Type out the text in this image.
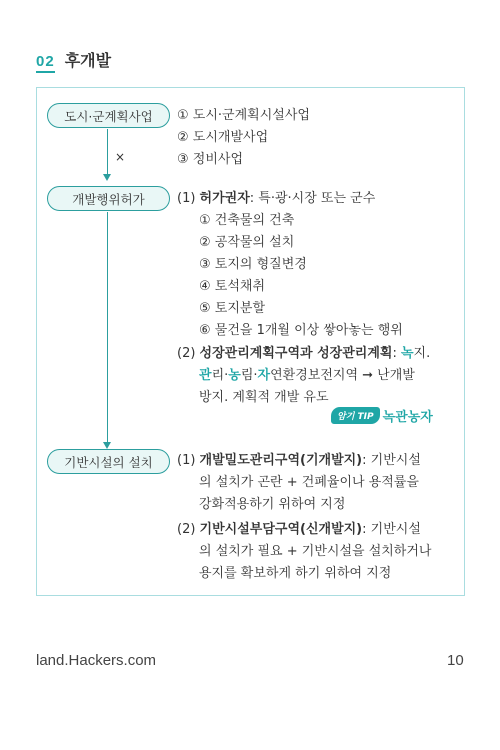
02 후개발
도시·군계획사업
×
개발행위허가
기반시설의 설치
① 도시·군계획시설사업
② 도시개발사업
③ 정비사업
(1) 허가권자: 특·광·시장 또는 군수
① 건축물의 건축
② 공작물의 설치
③ 토지의 형질변경
④ 토석채취
⑤ 토지분할
⑥ 물건을 1개월 이상 쌓아놓는 행위
(2) 성장관리계획구역과 성장관리계획: 녹지.
관리·농림·자연환경보전지역 ➞ 난개발
방지. 계획적 개발 유도
암기 TIP 녹관농자
(1) 개발밀도관리구역(기개발지): 기반시설
의 설치가 곤란 + 건폐율이나 용적률을
강화적용하기 위하여 지정
(2) 기반시설부담구역(신개발지): 기반시설
의 설치가 필요 + 기반시설을 설치하거나
용지를 확보하게 하기 위하여 지정
land.Hackers.com	10
